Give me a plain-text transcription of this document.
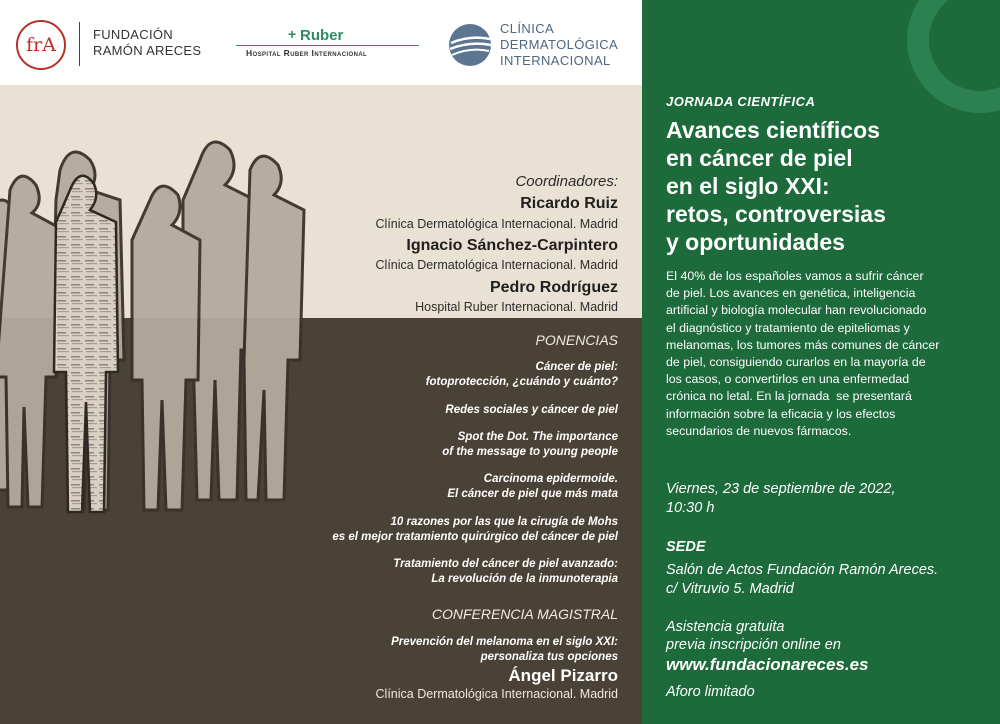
frA	FUNDACIÓN
RAMÓN ARECES
+ Ruber
Hospital Ruber Internacional
CLÍNICA
DERMATOLÓGICA
INTERNACIONAL
Coordinadores:
Ricardo Ruiz
Clínica Dermatológica Internacional. Madrid
Ignacio Sánchez-Carpintero
Clínica Dermatológica Internacional. Madrid
Pedro Rodríguez
Hospital Ruber Internacional. Madrid
PONENCIAS
Cáncer de piel:
fotoprotección, ¿cuándo y cuánto?
Redes sociales y cáncer de piel
Spot the Dot. The importance
of the message to young people
Carcinoma epidermoide.
El cáncer de piel que más mata
10 razones por las que la cirugía de Mohs
es el mejor tratamiento quirúrgico del cáncer de piel
Tratamiento del cáncer de piel avanzado:
La revolución de la inmunoterapia
CONFERENCIA MAGISTRAL
Prevención del melanoma en el siglo XXI:
personaliza tus opciones
Ángel Pizarro
Clínica Dermatológica Internacional. Madrid
JORNADA CIENTÍFICA
Avances científicos
en cáncer de piel
en el siglo XXI:
retos, controversias
y oportunidades
El 40% de los españoles vamos a sufrir cáncer
de piel. Los avances en genética, inteligencia
artificial y biología molecular han revolucionado
el diagnóstico y tratamiento de epiteliomas y
melanomas, los tumores más comunes de cáncer
de piel, consiguiendo curarlos en la mayoría de
los casos, o convertirlos en una enfermedad
crónica no letal. En la jornada  se presentará
información sobre la eficacia y los efectos
secundarios de nuevos fármacos.
Viernes, 23 de septiembre de 2022,
10:30 h
SEDE
Salón de Actos Fundación Ramón Areces.
c/ Vitruvio 5. Madrid
Asistencia gratuita
previa inscripción online en
www.fundacionareces.es
Aforo limitado
